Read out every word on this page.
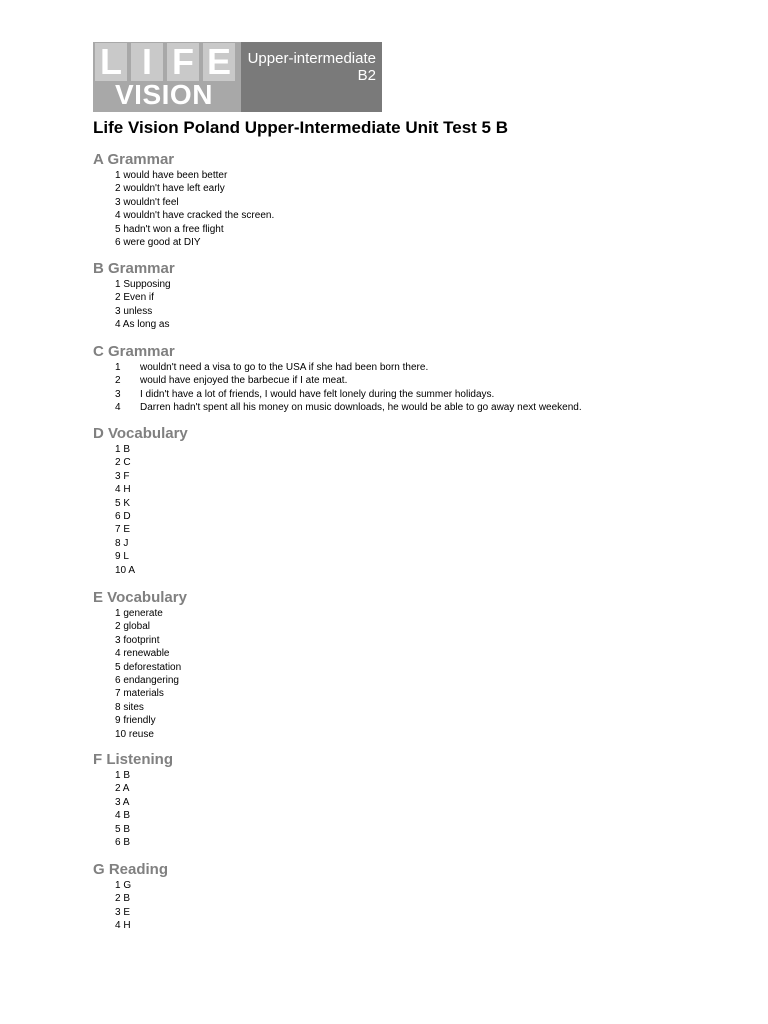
L I F E
VISION
Upper-intermediate
B2
Life Vision Poland Upper-Intermediate Unit Test 5 B
A Grammar
1 would have been better
2 wouldn't have left early
3 wouldn't feel
4 wouldn't have cracked the screen.
5 hadn't won a free flight
6 were good at DIY
B Grammar
1 Supposing
2 Even if
3 unless
4 As long as
C Grammar
1 wouldn't need a visa to go to the USA if she had been born there.
2 would have enjoyed the barbecue if I ate meat.
3 I didn't have a lot of friends, I would have felt lonely during the summer holidays.
4 Darren hadn't spent all his money on music downloads, he would be able to go away next weekend.
D Vocabulary
1 B
2 C
3 F
4 H
5 K
6 D
7 E
8 J
9 L
10 A
E Vocabulary
1 generate
2 global
3 footprint
4 renewable
5 deforestation
6 endangering
7 materials
8 sites
9 friendly
10 reuse
F Listening
1 B
2 A
3 A
4 B
5 B
6 B
G Reading
1 G
2 B
3 E
4 H
